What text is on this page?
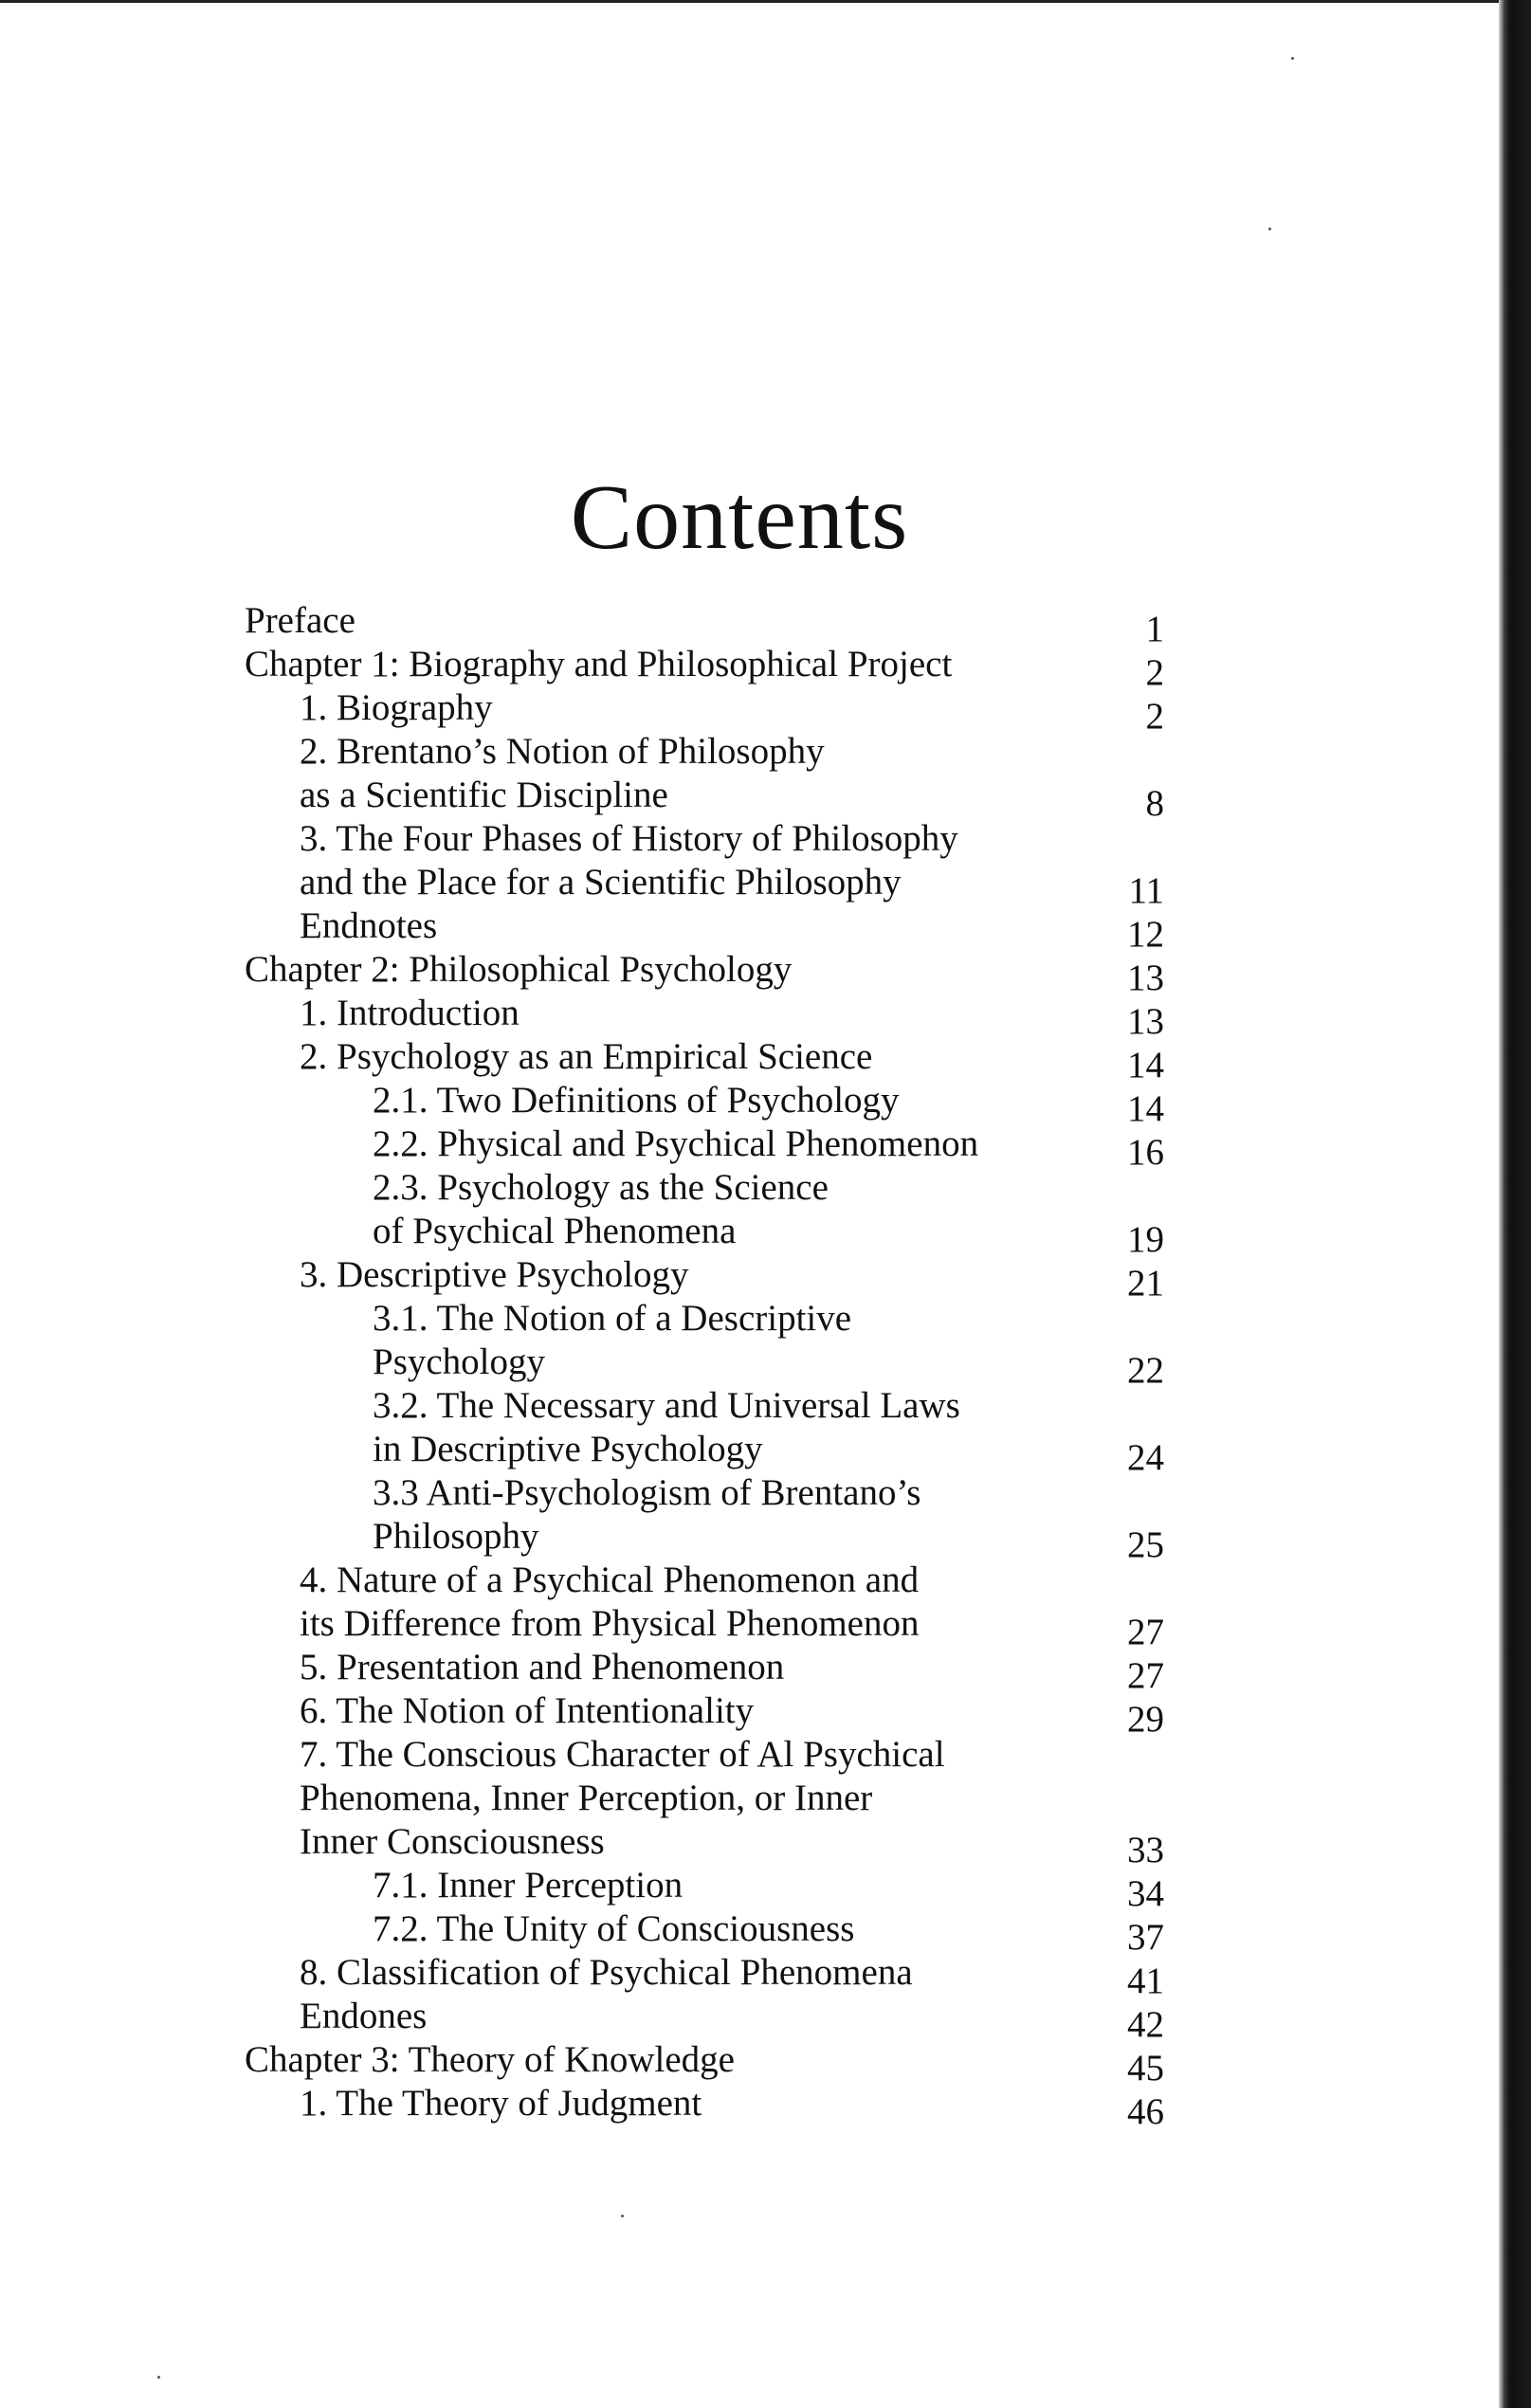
Contents
Preface	1
Chapter 1: Biography and Philosophical Project	2
1. Biography	2
2. Brentano’s Notion of Philosophy
as a Scientific Discipline	8
3. The Four Phases of History of Philosophy
and the Place for a Scientific Philosophy	11
Endnotes	12
Chapter 2: Philosophical Psychology	13
1. Introduction	13
2. Psychology as an Empirical Science	14
2.1. Two Definitions of Psychology	14
2.2. Physical and Psychical Phenomenon	16
2.3. Psychology as the Science
of Psychical Phenomena	19
3. Descriptive Psychology	21
3.1. The Notion of a Descriptive
Psychology	22
3.2. The Necessary and Universal Laws
in Descriptive Psychology	24
3.3 Anti-Psychologism of Brentano’s
Philosophy	25
4. Nature of a Psychical Phenomenon and
its Difference from Physical Phenomenon	27
5. Presentation and Phenomenon	27
6. The Notion of Intentionality	29
7. The Conscious Character of Al Psychical
Phenomena, Inner Perception, or Inner
Inner Consciousness	33
7.1. Inner Perception	34
7.2. The Unity of Consciousness	37
8. Classification of Psychical Phenomena	41
Endones	42
Chapter 3: Theory of Knowledge	45
1. The Theory of Judgment	46
